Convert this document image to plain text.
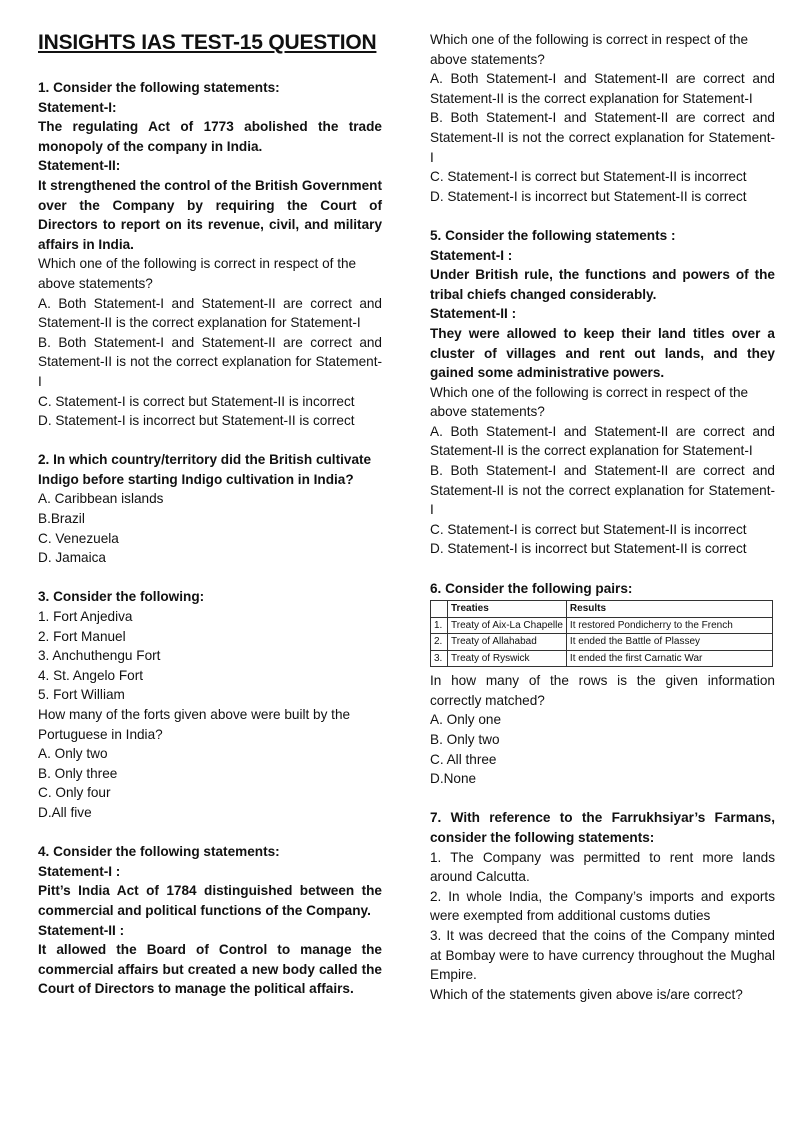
INSIGHTS IAS TEST-15 QUESTION

1. Consider the following statements:

Statement-I:

The regulating Act of 1773 abolished the trade monopoly of the company in India.

Statement-II:

It strengthened the control of the British Government over the Company by requiring the Court of Directors to report on its revenue, civil, and military affairs in India.

Which one of the following is correct in respect of the above statements?

A. Both Statement-I and Statement-II are correct and Statement-II is the correct explanation for Statement-I

B. Both Statement-I and Statement-II are correct and Statement-II is not the correct explanation for Statement-I

C. Statement-I is correct but Statement-II is incorrect

D. Statement-I is incorrect but Statement-II is correct

2. In which country/territory did the British cultivate Indigo before starting Indigo cultivation in India?

A. Caribbean islands

B.Brazil

C. Venezuela

D. Jamaica

3. Consider the following:

1. Fort Anjediva

2. Fort Manuel

3. Anchuthengu Fort

4. St. Angelo Fort

5. Fort William

How many of the forts given above were built by the Portuguese in India?

A. Only two

B. Only three

C. Only four

D.All five

4. Consider the following statements:

Statement-I :

Pitt’s India Act of 1784 distinguished between the commercial and political functions of the Company.

Statement-II :

It allowed the Board of Control to manage the commercial affairs but created a new body called the Court of Directors to manage the political affairs.

Which one of the following is correct in respect of the above statements?

A. Both Statement-I and Statement-II are correct and Statement-II is the correct explanation for Statement-I

B. Both Statement-I and Statement-II are correct and Statement-II is not the correct explanation for Statement-I

C. Statement-I is correct but Statement-II is incorrect

D. Statement-I is incorrect but Statement-II is correct

5. Consider the following statements :

Statement-I :

Under British rule, the functions and powers of the tribal chiefs changed considerably.

Statement-II :

They were allowed to keep their land titles over a cluster of villages and rent out lands, and they gained some administrative powers.

Which one of the following is correct in respect of the above statements?

A. Both Statement-I and Statement-II are correct and Statement-II is the correct explanation for Statement-I

B. Both Statement-I and Statement-II are correct and Statement-II is not the correct explanation for Statement-I

C. Statement-I is correct but Statement-II is incorrect

D. Statement-I is incorrect but Statement-II is correct

6. Consider the following pairs:

	Treaties	Results
1.	Treaty of Aix-La Chapelle	It restored Pondicherry to the French
2.	Treaty of Allahabad	It ended the Battle of Plassey
3.	Treaty of Ryswick	It ended the first Carnatic War

In how many of the rows is the given information correctly matched?

A. Only one

B. Only two

C. All three

D.None

7. With reference to the Farrukhsiyar’s Farmans, consider the following statements:

1. The Company was permitted to rent more lands around Calcutta.

2. In whole India, the Company’s imports and exports were exempted from additional customs duties

3. It was decreed that the coins of the Company minted at Bombay were to have currency throughout the Mughal Empire.

Which of the statements given above is/are correct?
